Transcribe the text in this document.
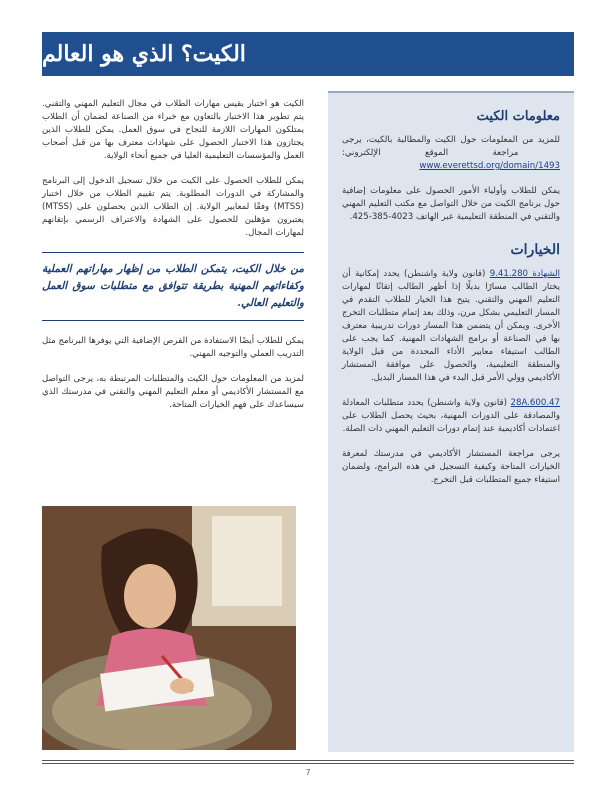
الکیت؟ الذي هو العالم
معلومات الکیت

للمزيد من المعلومات حول الكيت والمطالبة بالكيت، يرجى مراجعة الموقع الإلكتروني: www.everettsd.org/domain/1493

يمكن للطلاب وأولياء الأمور الحصول على معلومات إضافية حول برنامج الكيت من خلال التواصل مع مكتب التعليم المهني والتقني في المنطقة التعليمية عبر الهاتف 4023-385-425.

الخيارات

الشهادة 9.41.280 (قانون ولاية واشنطن) يحدد إمكانية أن يختار الطالب مسارًا بديلًا إذا أظهر الطالب إتقانًا لمهارات التعليم المهني والتقني. يتيح هذا الخيار للطلاب التقدم في المسار التعليمي بشكل مرن، وذلك بعد إتمام متطلبات التخرج الأخرى. ويمكن أن يتضمن هذا المسار دورات تدريبية معترف بها في الصناعة أو برامج الشهادات المهنية. كما يجب على الطالب استيفاء معايير الأداء المحددة من قبل الولاية والمنطقة التعليمية، والحصول على موافقة المستشار الأكاديمي وولي الأمر قبل البدء في هذا المسار البديل.

28A.600.47 (قانون ولاية واشنطن) يحدد متطلبات المعادلة والمصادقة على الدورات المهنية، بحيث يحصل الطلاب على اعتمادات أكاديمية عند إتمام دورات التعليم المهني ذات الصلة.

يرجى مراجعة المستشار الأكاديمي في مدرستك لمعرفة الخيارات المتاحة وكيفية التسجيل في هذه البرامج، ولضمان استيفاء جميع المتطلبات قبل التخرج.

الكيت هو اختبار يقيس مهارات الطلاب في مجال التعليم المهني والتقني. يتم تطوير هذا الاختبار بالتعاون مع خبراء من الصناعة لضمان أن الطلاب يمتلكون المهارات اللازمة للنجاح في سوق العمل. يمكن للطلاب الذين يجتازون هذا الاختبار الحصول على شهادات معترف بها من قبل أصحاب العمل والمؤسسات التعليمية العليا في جميع أنحاء الولاية.

يمكن للطلاب الحصول على الكيت من خلال تسجيل الدخول إلى البرنامج والمشاركة في الدورات المطلوبة. يتم تقييم الطلاب من خلال اختبار (MTSS) وفقًا لمعايير الولاية. إن الطلاب الذين يحصلون على (MTSS) يعتبرون مؤهلين للحصول على الشهادة والاعتراف الرسمي بإتقانهم لمهارات المجال.

من خلال الكيت، يتمكن الطلاب من إظهار مهاراتهم العملية وكفاءاتهم المهنية بطريقة تتوافق مع متطلبات سوق العمل والتعليم العالي.

يمكن للطلاب أيضًا الاستفادة من الفرص الإضافية التي يوفرها البرنامج مثل التدريب العملي والتوجيه المهني.

لمزيد من المعلومات حول الكيت والمتطلبات المرتبطة به، يرجى التواصل مع المستشار الأكاديمي أو معلم التعليم المهني والتقني في مدرستك الذي سيساعدك على فهم الخيارات المتاحة.

7
